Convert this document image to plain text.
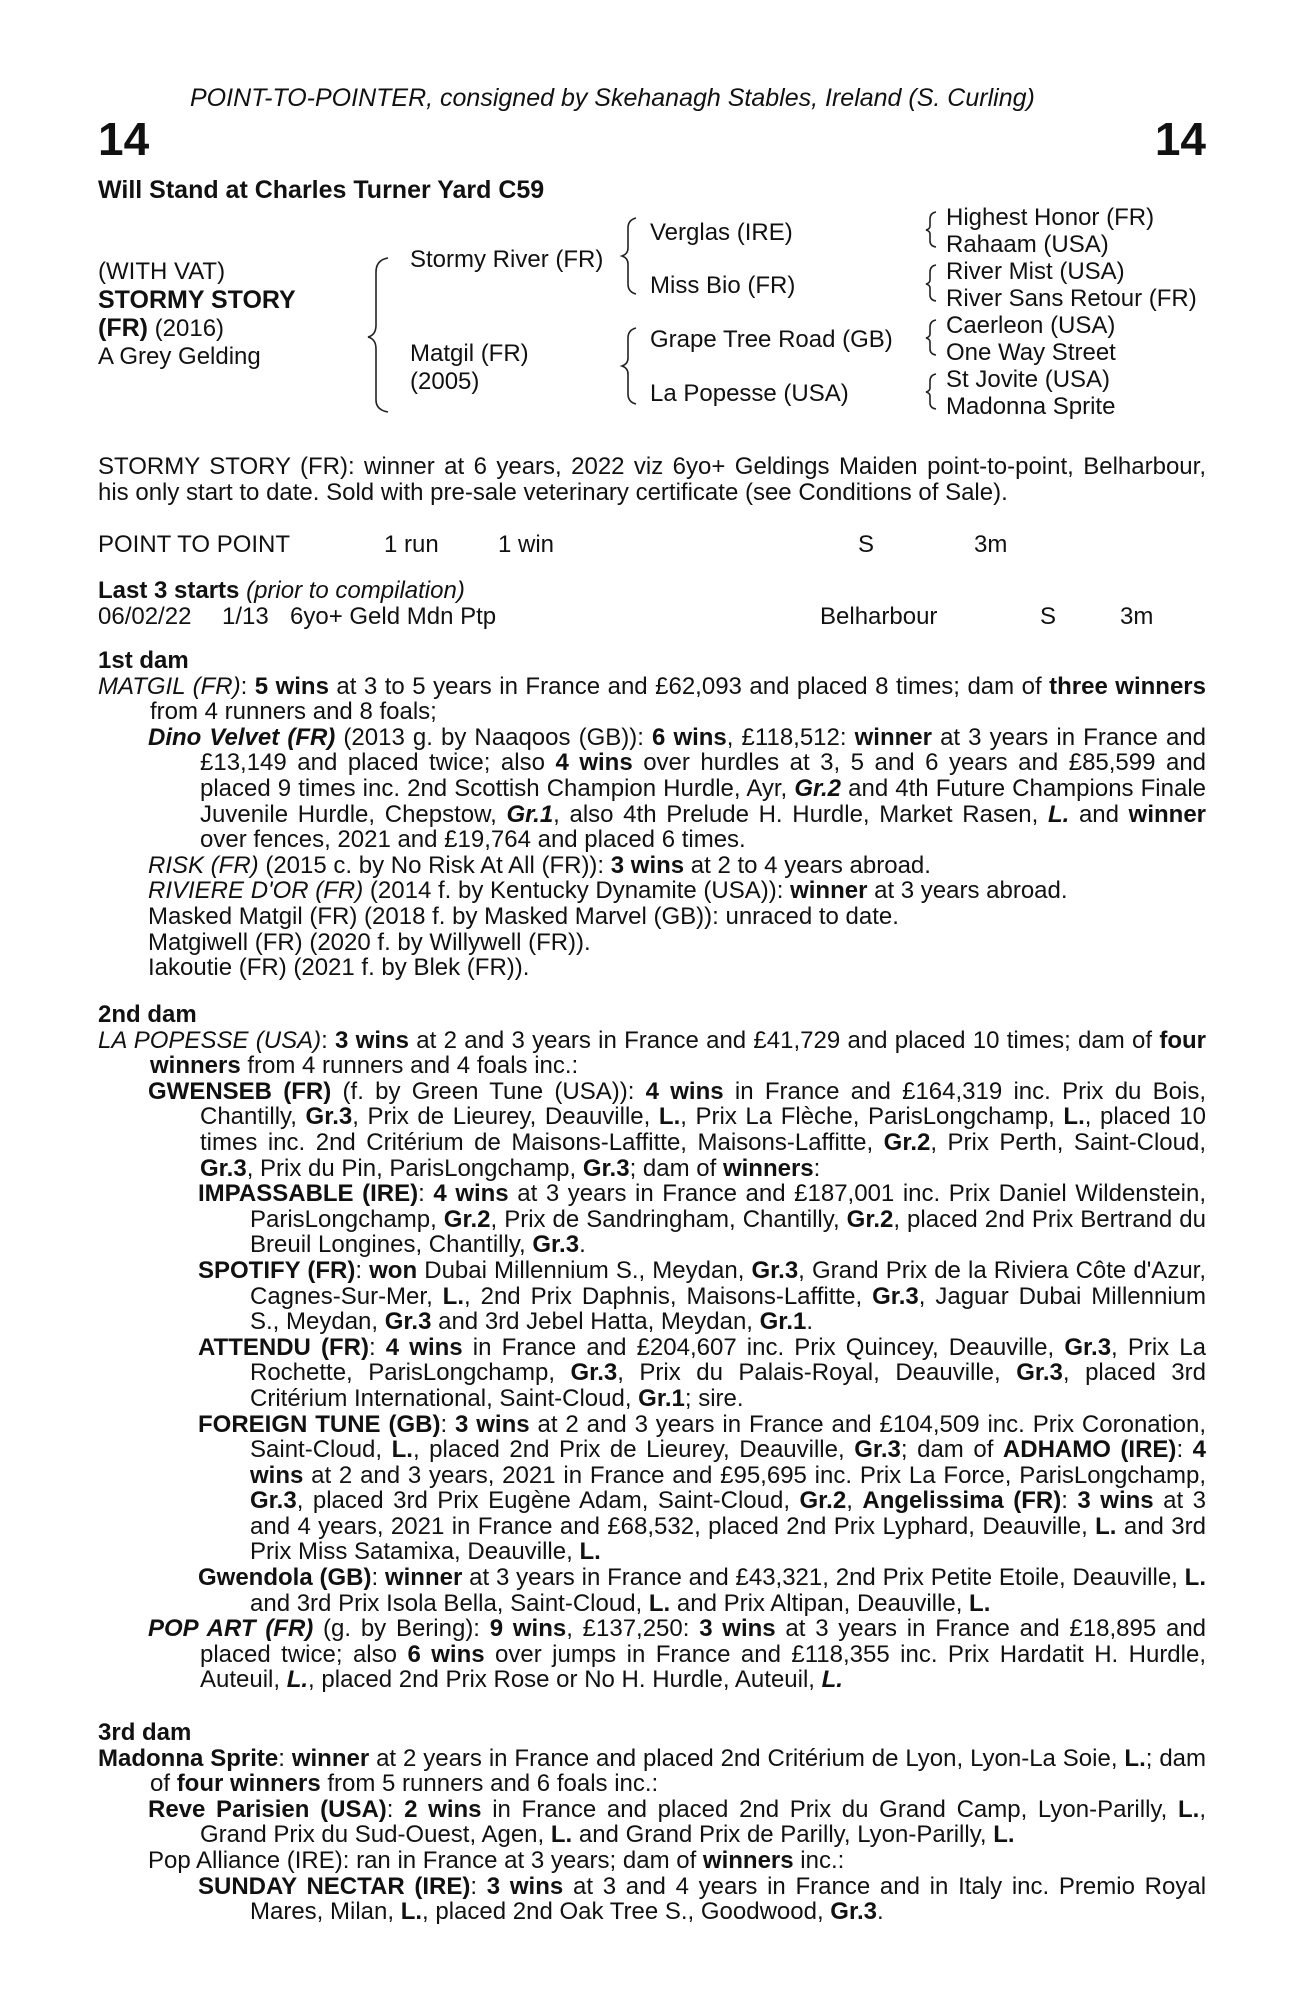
POINT-TO-POINTER, consigned by Skehanagh Stables, Ireland (S. Curling)
14	14
Will Stand at Charles Turner Yard C59
(WITH VAT)
STORMY STORY
(FR) (2016)
A Grey Gelding
Stormy River (FR)
Matgil (FR)
(2005)
Verglas (IRE)
Miss Bio (FR)
Grape Tree Road (GB)
La Popesse (USA)
Highest Honor (FR)
Rahaam (USA)
River Mist (USA)
River Sans Retour (FR)
Caerleon (USA)
One Way Street
St Jovite (USA)
Madonna Sprite

STORMY STORY (FR): winner at 6 years, 2022 viz 6yo+ Geldings Maiden point-to-point, Belharbour, his only start to date. Sold with pre-sale veterinary certificate (see Conditions of Sale).

POINT TO POINT	1 run 1 win	S	3m
Last 3 starts (prior to compilation)
06/02/22 1/13 6yo+ Geld Mdn Ptp	Belharbour	S	3m
1st dam

MATGIL (FR): 5 wins at 3 to 5 years in France and £62,093 and placed 8 times; dam of three winners from 4 runners and 8 foals;

Dino Velvet (FR) (2013 g. by Naaqoos (GB)): 6 wins, £118,512: winner at 3 years in France and £13,149 and placed twice; also 4 wins over hurdles at 3, 5 and 6 years and £85,599 and placed 9 times inc. 2nd Scottish Champion Hurdle, Ayr, Gr.2 and 4th Future Champions Finale Juvenile Hurdle, Chepstow, Gr.1, also 4th Prelude H. Hurdle, Market Rasen, L. and winner over fences, 2021 and £19,764 and placed 6 times.

RISK (FR) (2015 c. by No Risk At All (FR)): 3 wins at 2 to 4 years abroad.

RIVIERE D'OR (FR) (2014 f. by Kentucky Dynamite (USA)): winner at 3 years abroad.

Masked Matgil (FR) (2018 f. by Masked Marvel (GB)): unraced to date.

Matgiwell (FR) (2020 f. by Willywell (FR)).

Iakoutie (FR) (2021 f. by Blek (FR)).

2nd dam

LA POPESSE (USA): 3 wins at 2 and 3 years in France and £41,729 and placed 10 times; dam of four winners from 4 runners and 4 foals inc.:

GWENSEB (FR) (f. by Green Tune (USA)): 4 wins in France and £164,319 inc. Prix du Bois, Chantilly, Gr.3, Prix de Lieurey, Deauville, L., Prix La Flèche, ParisLongchamp, L., placed 10 times inc. 2nd Critérium de Maisons-Laffitte, Maisons-Laffitte, Gr.2, Prix Perth, Saint-Cloud, Gr.3, Prix du Pin, ParisLongchamp, Gr.3; dam of winners:

IMPASSABLE (IRE): 4 wins at 3 years in France and £187,001 inc. Prix Daniel Wildenstein, ParisLongchamp, Gr.2, Prix de Sandringham, Chantilly, Gr.2, placed 2nd Prix Bertrand du Breuil Longines, Chantilly, Gr.3.

SPOTIFY (FR): won Dubai Millennium S., Meydan, Gr.3, Grand Prix de la Riviera Côte d'Azur, Cagnes-Sur-Mer, L., 2nd Prix Daphnis, Maisons-Laffitte, Gr.3, Jaguar Dubai Millennium S., Meydan, Gr.3 and 3rd Jebel Hatta, Meydan, Gr.1.

ATTENDU (FR): 4 wins in France and £204,607 inc. Prix Quincey, Deauville, Gr.3, Prix La Rochette, ParisLongchamp, Gr.3, Prix du Palais-Royal, Deauville, Gr.3, placed 3rd Critérium International, Saint-Cloud, Gr.1; sire.

FOREIGN TUNE (GB): 3 wins at 2 and 3 years in France and £104,509 inc. Prix Coronation, Saint-Cloud, L., placed 2nd Prix de Lieurey, Deauville, Gr.3; dam of ADHAMO (IRE): 4 wins at 2 and 3 years, 2021 in France and £95,695 inc. Prix La Force, ParisLongchamp, Gr.3, placed 3rd Prix Eugène Adam, Saint-Cloud, Gr.2, Angelissima (FR): 3 wins at 3 and 4 years, 2021 in France and £68,532, placed 2nd Prix Lyphard, Deauville, L. and 3rd Prix Miss Satamixa, Deauville, L.

Gwendola (GB): winner at 3 years in France and £43,321, 2nd Prix Petite Etoile, Deauville, L. and 3rd Prix Isola Bella, Saint-Cloud, L. and Prix Altipan, Deauville, L.

POP ART (FR) (g. by Bering): 9 wins, £137,250: 3 wins at 3 years in France and £18,895 and placed twice; also 6 wins over jumps in France and £118,355 inc. Prix Hardatit H. Hurdle, Auteuil, L., placed 2nd Prix Rose or No H. Hurdle, Auteuil, L.

3rd dam

Madonna Sprite: winner at 2 years in France and placed 2nd Critérium de Lyon, Lyon-La Soie, L.; dam of four winners from 5 runners and 6 foals inc.:

Reve Parisien (USA): 2 wins in France and placed 2nd Prix du Grand Camp, Lyon-Parilly, L., Grand Prix du Sud-Ouest, Agen, L. and Grand Prix de Parilly, Lyon-Parilly, L.

Pop Alliance (IRE): ran in France at 3 years; dam of winners inc.:

SUNDAY NECTAR (IRE): 3 wins at 3 and 4 years in France and in Italy inc. Premio Royal Mares, Milan, L., placed 2nd Oak Tree S., Goodwood, Gr.3.
